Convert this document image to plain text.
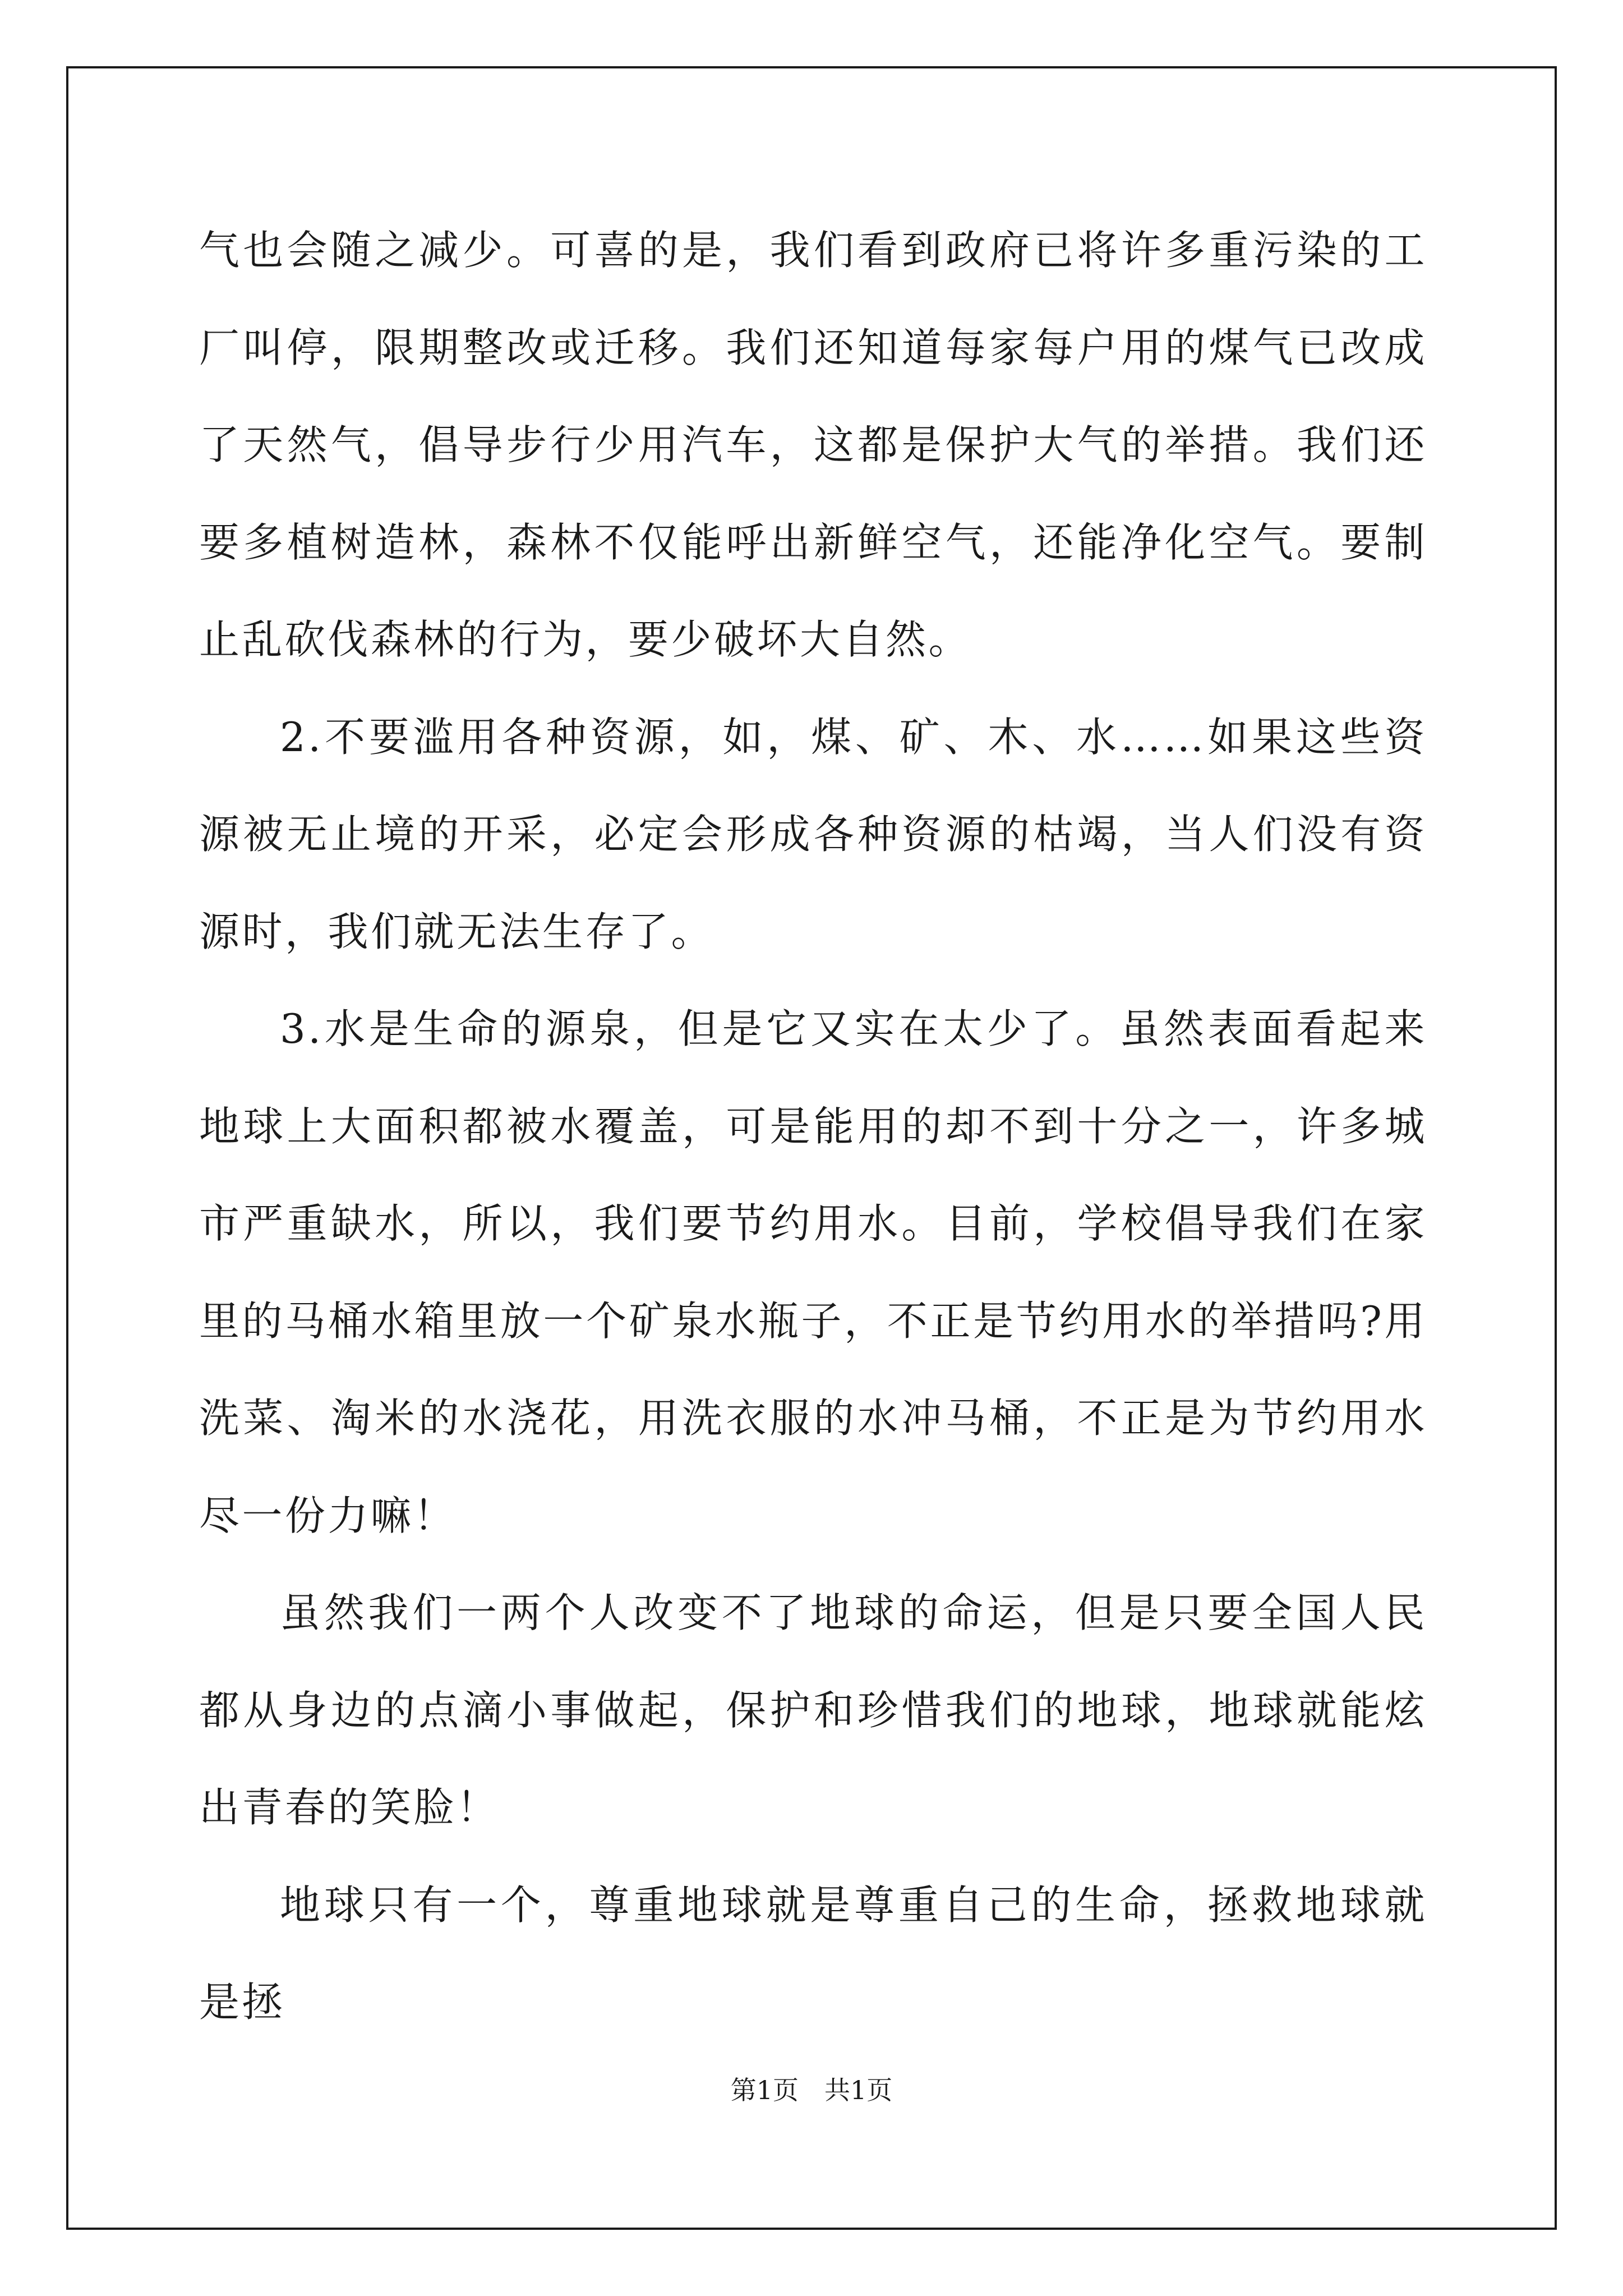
气也会随之减少。可喜的是，我们看到政府已将许多重污染的工厂叫停，限期整改或迁移。我们还知道每家每户用的煤气已改成了天然气，倡导步行少用汽车，这都是保护大气的举措。我们还要多植树造林，森林不仅能呼出新鲜空气，还能净化空气。要制止乱砍伐森林的行为，要少破坏大自然。

2.不要滥用各种资源，如，煤、矿、木、水……如果这些资源被无止境的开采，必定会形成各种资源的枯竭，当人们没有资源时，我们就无法生存了。

3.水是生命的源泉，但是它又实在太少了。虽然表面看起来地球上大面积都被水覆盖，可是能用的却不到十分之一，许多城市严重缺水，所以，我们要节约用水。目前，学校倡导我们在家里的马桶水箱里放一个矿泉水瓶子，不正是节约用水的举措吗?用洗菜、淘米的水浇花，用洗衣服的水冲马桶，不正是为节约用水尽一份力嘛！

虽然我们一两个人改变不了地球的命运，但是只要全国人民都从身边的点滴小事做起，保护和珍惜我们的地球，地球就能炫出青春的笑脸！

地球只有一个，尊重地球就是尊重自己的生命，拯救地球就是拯

第1页　共1页
